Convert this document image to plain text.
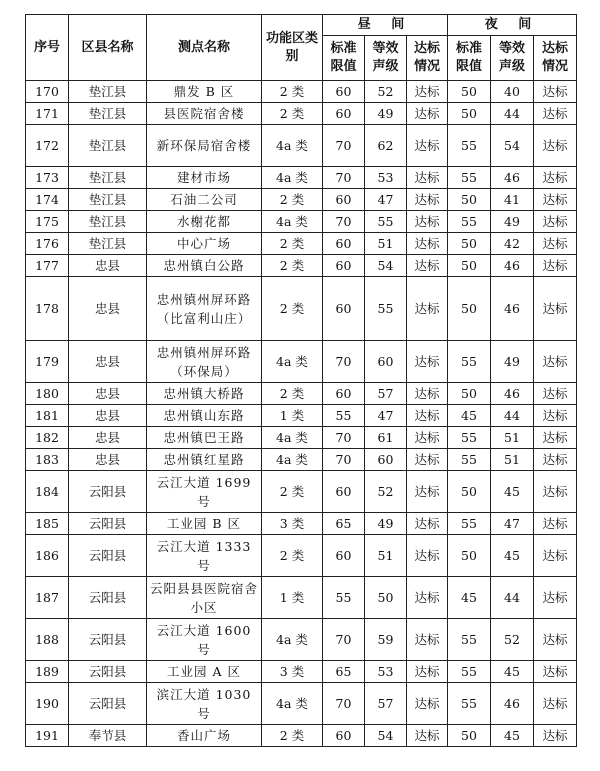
序号	区县名称	测点名称	功能区类别	昼 间			夜 间		
				标准限值	等效声级	达标情况	标准限值	等效声级	达标情况
170	垫江县	鼎发 B 区	2 类	60	52	达标	50	40	达标
171	垫江县	县医院宿舍楼	2 类	60	49	达标	50	44	达标
172	垫江县	新环保局宿舍楼	4a 类	70	62	达标	55	54	达标
173	垫江县	建材市场	4a 类	70	53	达标	55	46	达标
174	垫江县	石油二公司	2 类	60	47	达标	50	41	达标
175	垫江县	水榭花都	4a 类	70	55	达标	55	49	达标
176	垫江县	中心广场	2 类	60	51	达标	50	42	达标
177	忠县	忠州镇白公路	2 类	60	54	达标	50	46	达标
178	忠县	忠州镇州屏环路（比富利山庄）	2 类	60	55	达标	50	46	达标
179	忠县	忠州镇州屏环路（环保局）	4a 类	70	60	达标	55	49	达标
180	忠县	忠州镇大桥路	2 类	60	57	达标	50	46	达标
181	忠县	忠州镇山东路	1 类	55	47	达标	45	44	达标
182	忠县	忠州镇巴王路	4a 类	70	61	达标	55	51	达标
183	忠县	忠州镇红星路	4a 类	70	60	达标	55	51	达标
184	云阳县	云江大道 1699 号	2 类	60	52	达标	50	45	达标
185	云阳县	工业园 B 区	3 类	65	49	达标	55	47	达标
186	云阳县	云江大道 1333 号	2 类	60	51	达标	50	45	达标
187	云阳县	云阳县县医院宿舍小区	1 类	55	50	达标	45	44	达标
188	云阳县	云江大道 1600 号	4a 类	70	59	达标	55	52	达标
189	云阳县	工业园 A 区	3 类	65	53	达标	55	45	达标
190	云阳县	滨江大道 1030 号	4a 类	70	57	达标	55	46	达标
191	奉节县	香山广场	2 类	60	54	达标	50	45	达标
